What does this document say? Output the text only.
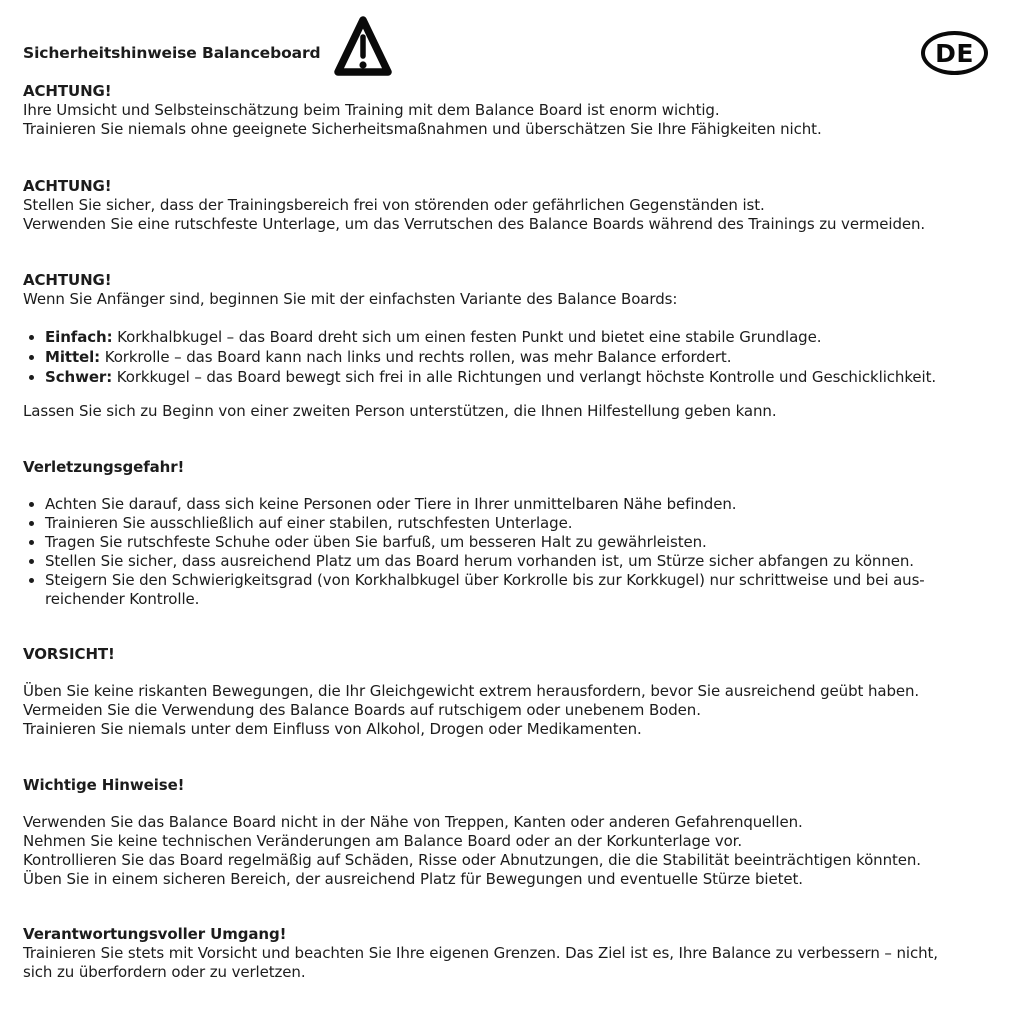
Sicherheitshinweise Balanceboard	DE
ACHTUNG!
Ihre Umsicht und Selbsteinschätzung beim Training mit dem Balance Board ist enorm wichtig.
Trainieren Sie niemals ohne geeignete Sicherheitsmaßnahmen und überschätzen Sie Ihre Fähigkeiten nicht.
ACHTUNG!
Stellen Sie sicher, dass der Trainingsbereich frei von störenden oder gefährlichen Gegenständen ist.
Verwenden Sie eine rutschfeste Unterlage, um das Verrutschen des Balance Boards während des Trainings zu vermeiden.
ACHTUNG!
Wenn Sie Anfänger sind, beginnen Sie mit der einfachsten Variante des Balance Boards:
• Einfach: Korkhalbkugel – das Board dreht sich um einen festen Punkt und bietet eine stabile Grundlage.
• Mittel: Korkrolle – das Board kann nach links und rechts rollen, was mehr Balance erfordert.
• Schwer: Korkkugel – das Board bewegt sich frei in alle Richtungen und verlangt höchste Kontrolle und Geschicklichkeit.
Lassen Sie sich zu Beginn von einer zweiten Person unterstützen, die Ihnen Hilfestellung geben kann.
Verletzungsgefahr!
• Achten Sie darauf, dass sich keine Personen oder Tiere in Ihrer unmittelbaren Nähe befinden.
• Trainieren Sie ausschließlich auf einer stabilen, rutschfesten Unterlage.
• Tragen Sie rutschfeste Schuhe oder üben Sie barfuß, um besseren Halt zu gewährleisten.
• Stellen Sie sicher, dass ausreichend Platz um das Board herum vorhanden ist, um Stürze sicher abfangen zu können.
• Steigern Sie den Schwierigkeitsgrad (von Korkhalbkugel über Korkrolle bis zur Korkkugel) nur schrittweise und bei aus-
reichender Kontrolle.
VORSICHT!
Üben Sie keine riskanten Bewegungen, die Ihr Gleichgewicht extrem herausfordern, bevor Sie ausreichend geübt haben.
Vermeiden Sie die Verwendung des Balance Boards auf rutschigem oder unebenem Boden.
Trainieren Sie niemals unter dem Einfluss von Alkohol, Drogen oder Medikamenten.
Wichtige Hinweise!
Verwenden Sie das Balance Board nicht in der Nähe von Treppen, Kanten oder anderen Gefahrenquellen.
Nehmen Sie keine technischen Veränderungen am Balance Board oder an der Korkunterlage vor.
Kontrollieren Sie das Board regelmäßig auf Schäden, Risse oder Abnutzungen, die die Stabilität beeinträchtigen könnten.
Üben Sie in einem sicheren Bereich, der ausreichend Platz für Bewegungen und eventuelle Stürze bietet.
Verantwortungsvoller Umgang!
Trainieren Sie stets mit Vorsicht und beachten Sie Ihre eigenen Grenzen. Das Ziel ist es, Ihre Balance zu verbessern – nicht,
sich zu überfordern oder zu verletzen.
